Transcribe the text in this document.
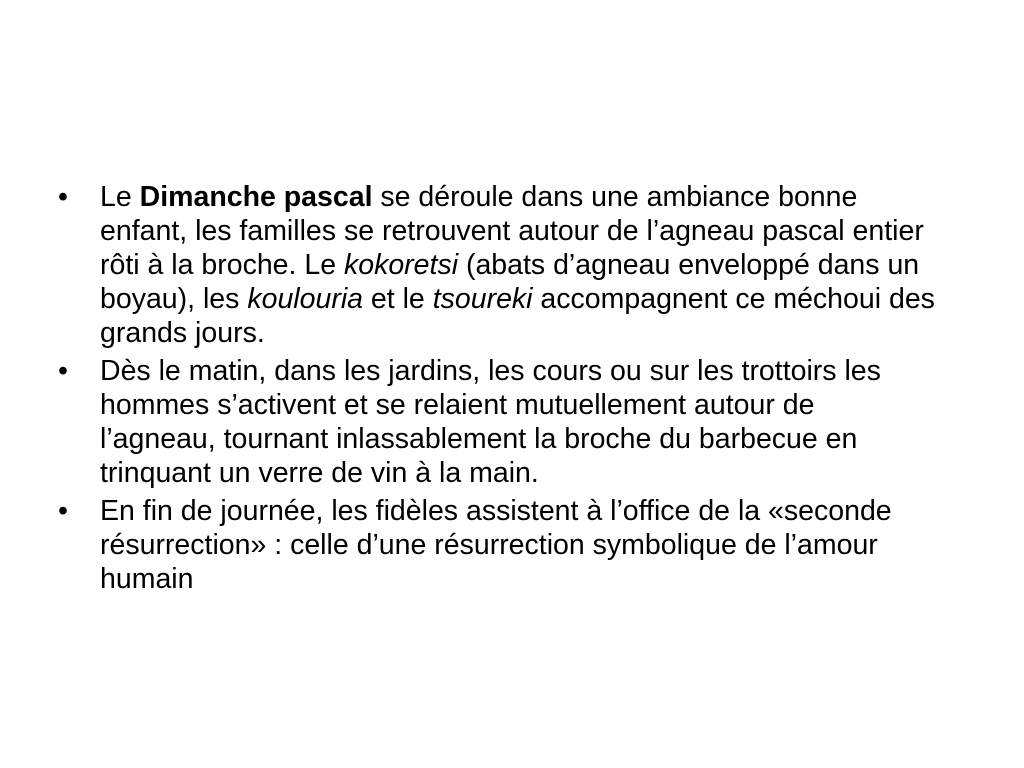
•	Le Dimanche pascal se déroule dans une ambiance bonne enfant, les familles se retrouvent autour de l’agneau pascal entier rôti à la broche. Le kokoretsi (abats d’agneau enveloppé dans un boyau), les koulouria et le tsoureki accompagnent ce méchoui des grands jours.
•	Dès le matin, dans les jardins, les cours ou sur les trottoirs les hommes s’activent et se relaient mutuellement autour de l’agneau, tournant inlassablement la broche du barbecue en trinquant un verre de vin à la main.
•	En fin de journée, les fidèles assistent à l’office de la «seconde résurrection» : celle d’une résurrection symbolique de l’amour humain
